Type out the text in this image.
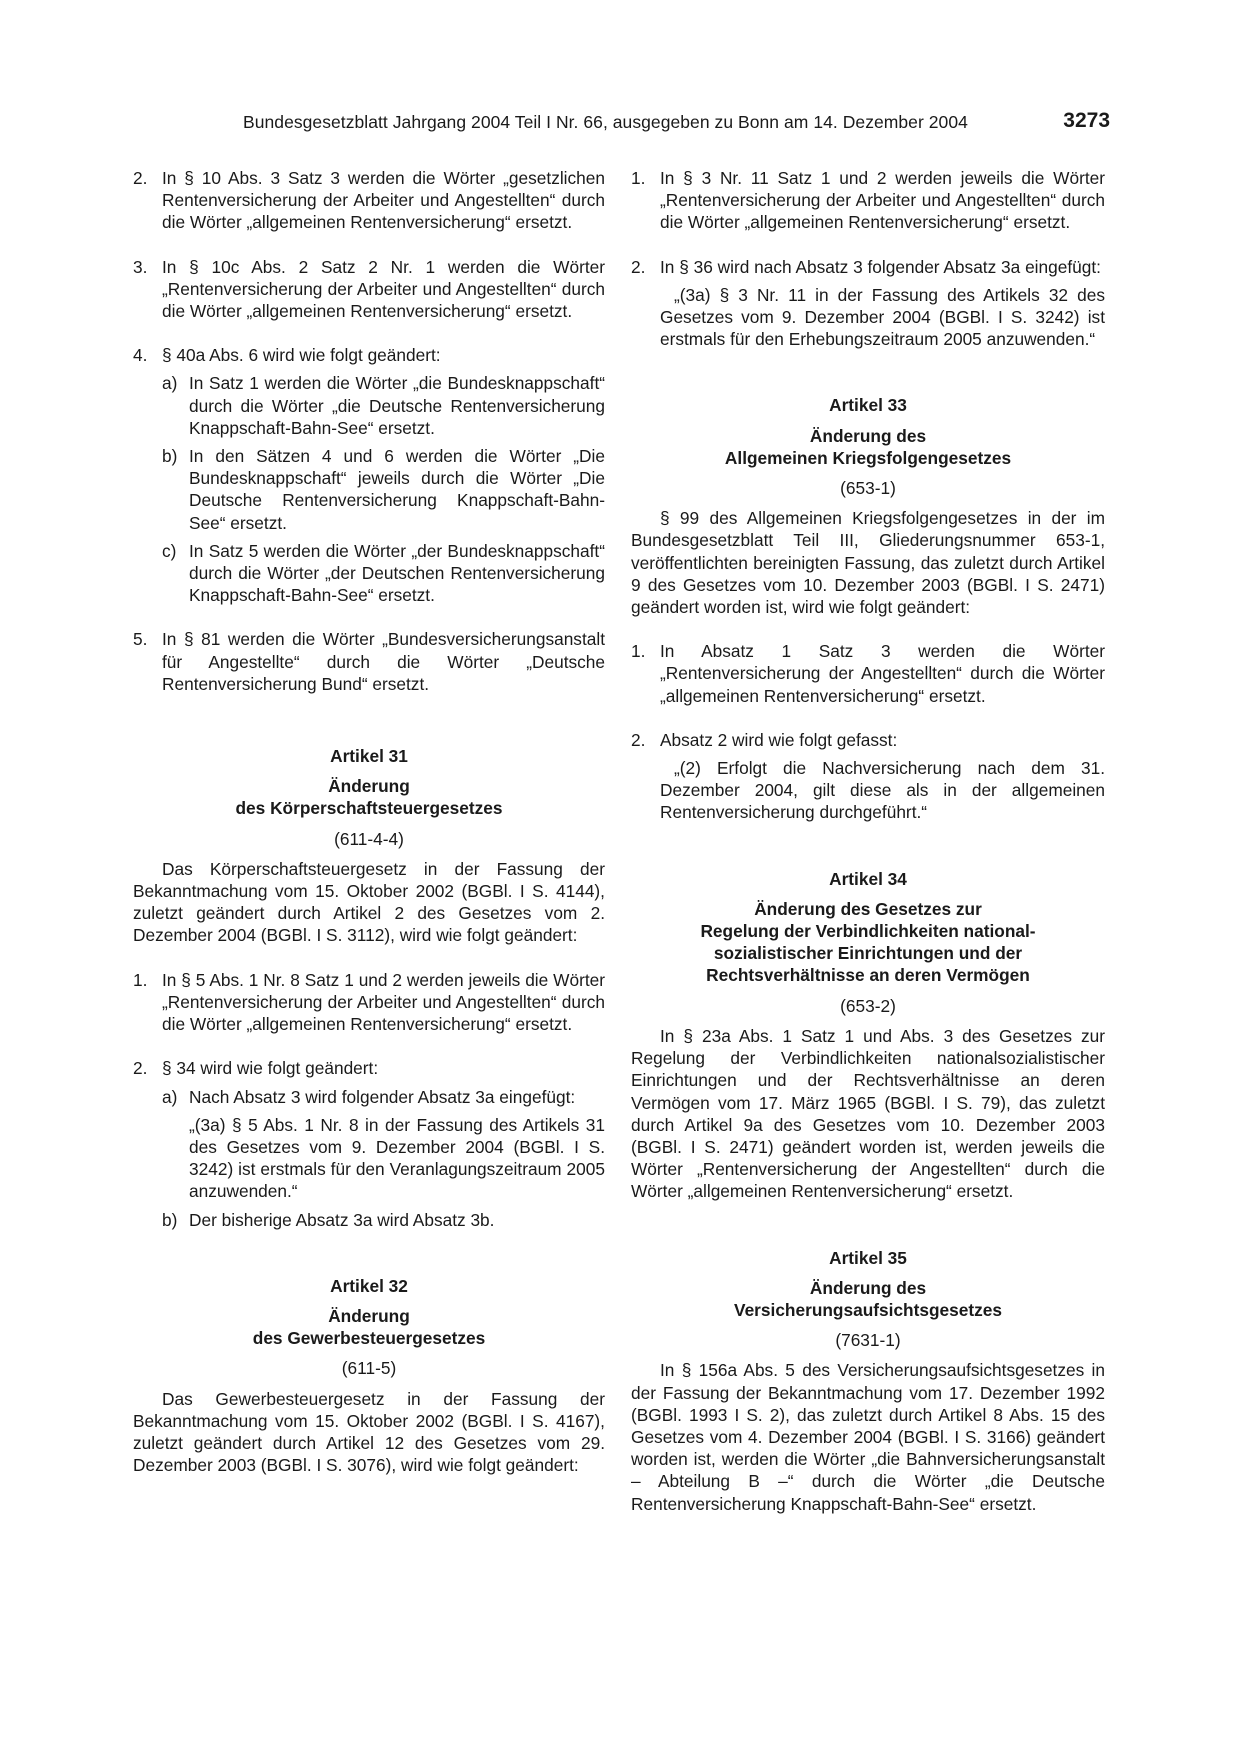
Bundesgesetzblatt Jahrgang 2004 Teil I Nr. 66, ausgegeben zu Bonn am 14. Dezember 2004	3273
2. In § 10 Abs. 3 Satz 3 werden die Wörter „gesetzlichen Rentenversicherung der Arbeiter und Angestellten“ durch die Wörter „allgemeinen Rentenversicherung“ ersetzt.
3. In § 10c Abs. 2 Satz 2 Nr. 1 werden die Wörter „Rentenversicherung der Arbeiter und Angestellten“ durch die Wörter „allgemeinen Rentenversicherung“ ersetzt.
4. § 40a Abs. 6 wird wie folgt geändert:
a) In Satz 1 werden die Wörter „die Bundesknappschaft“ durch die Wörter „die Deutsche Rentenversicherung Knappschaft-Bahn-See“ ersetzt.
b) In den Sätzen 4 und 6 werden die Wörter „Die Bundesknappschaft“ jeweils durch die Wörter „Die Deutsche Rentenversicherung Knappschaft-Bahn-See“ ersetzt.
c) In Satz 5 werden die Wörter „der Bundesknappschaft“ durch die Wörter „der Deutschen Rentenversicherung Knappschaft-Bahn-See“ ersetzt.
5. In § 81 werden die Wörter „Bundesversicherungsanstalt für Angestellte“ durch die Wörter „Deutsche Rentenversicherung Bund“ ersetzt.

Artikel 31

Änderung

des Körperschaftsteuergesetzes

(611-4-4)

Das Körperschaftsteuergesetz in der Fassung der Bekanntmachung vom 15. Oktober 2002 (BGBl. I S. 4144), zuletzt geändert durch Artikel 2 des Gesetzes vom 2. Dezember 2004 (BGBl. I S. 3112), wird wie folgt geändert:

1. In § 5 Abs. 1 Nr. 8 Satz 1 und 2 werden jeweils die Wörter „Rentenversicherung der Arbeiter und Angestellten“ durch die Wörter „allgemeinen Rentenversicherung“ ersetzt.
2. § 34 wird wie folgt geändert:
a) Nach Absatz 3 wird folgender Absatz 3a eingefügt:

„(3a) § 5 Abs. 1 Nr. 8 in der Fassung des Artikels 31 des Gesetzes vom 9. Dezember 2004 (BGBl. I S. 3242) ist erstmals für den Veranlagungszeitraum 2005 anzuwenden.“

b) Der bisherige Absatz 3a wird Absatz 3b.

Artikel 32

Änderung

des Gewerbesteuergesetzes

(611-5)

Das Gewerbesteuergesetz in der Fassung der Bekanntmachung vom 15. Oktober 2002 (BGBl. I S. 4167), zuletzt geändert durch Artikel 12 des Gesetzes vom 29. Dezember 2003 (BGBl. I S. 3076), wird wie folgt geändert:

1. In § 3 Nr. 11 Satz 1 und 2 werden jeweils die Wörter „Rentenversicherung der Arbeiter und Angestellten“ durch die Wörter „allgemeinen Rentenversicherung“ ersetzt.
2. In § 36 wird nach Absatz 3 folgender Absatz 3a eingefügt:

„(3a) § 3 Nr. 11 in der Fassung des Artikels 32 des Gesetzes vom 9. Dezember 2004 (BGBl. I S. 3242) ist erstmals für den Erhebungszeitraum 2005 anzuwenden.“

Artikel 33

Änderung des

Allgemeinen Kriegsfolgengesetzes

(653-1)

§ 99 des Allgemeinen Kriegsfolgengesetzes in der im Bundesgesetzblatt Teil III, Gliederungsnummer 653-1, veröffentlichten bereinigten Fassung, das zuletzt durch Artikel 9 des Gesetzes vom 10. Dezember 2003 (BGBl. I S. 2471) geändert worden ist, wird wie folgt geändert:

1. In Absatz 1 Satz 3 werden die Wörter „Rentenversicherung der Angestellten“ durch die Wörter „allgemeinen Rentenversicherung“ ersetzt.
2. Absatz 2 wird wie folgt gefasst:

„(2) Erfolgt die Nachversicherung nach dem 31. Dezember 2004, gilt diese als in der allgemeinen Rentenversicherung durchgeführt.“

Artikel 34

Änderung des Gesetzes zur

Regelung der Verbindlichkeiten national-

sozialistischer Einrichtungen und der

Rechtsverhältnisse an deren Vermögen

(653-2)

In § 23a Abs. 1 Satz 1 und Abs. 3 des Gesetzes zur Regelung der Verbindlichkeiten nationalsozialistischer Einrichtungen und der Rechtsverhältnisse an deren Vermögen vom 17. März 1965 (BGBl. I S. 79), das zuletzt durch Artikel 9a des Gesetzes vom 10. Dezember 2003 (BGBl. I S. 2471) geändert worden ist, werden jeweils die Wörter „Rentenversicherung der Angestellten“ durch die Wörter „allgemeinen Rentenversicherung“ ersetzt.

Artikel 35

Änderung des

Versicherungsaufsichtsgesetzes

(7631-1)

In § 156a Abs. 5 des Versicherungsaufsichtsgesetzes in der Fassung der Bekanntmachung vom 17. Dezember 1992 (BGBl. 1993 I S. 2), das zuletzt durch Artikel 8 Abs. 15 des Gesetzes vom 4. Dezember 2004 (BGBl. I S. 3166) geändert worden ist, werden die Wörter „die Bahnversicherungsanstalt – Abteilung B –“ durch die Wörter „die Deutsche Rentenversicherung Knappschaft-Bahn-See“ ersetzt.
